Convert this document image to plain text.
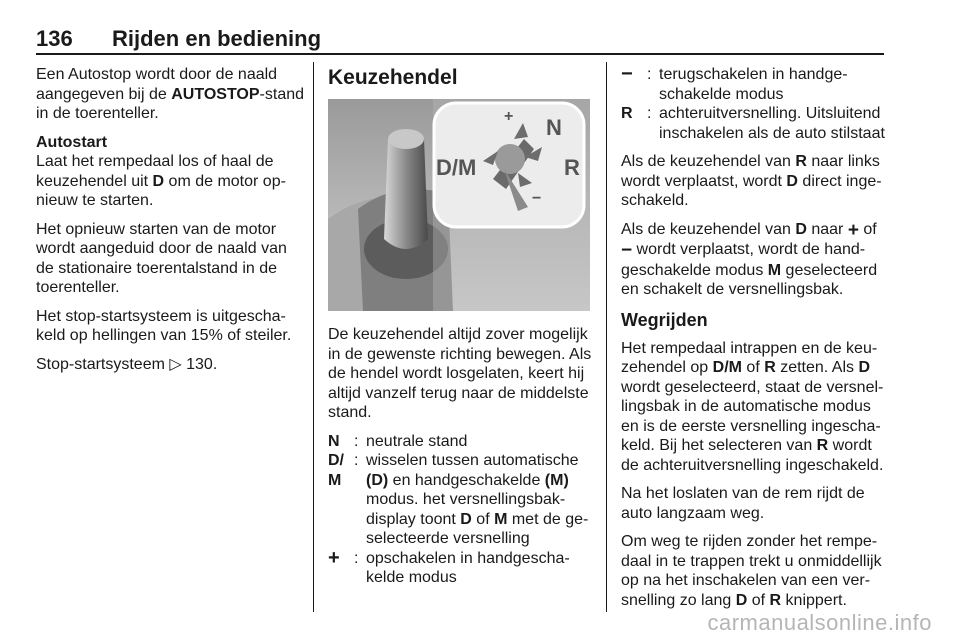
136 Rijden en bediening

Een Autostop wordt door de naald aangegeven bij de AUTOSTOP-stand in de toerenteller.

Autostart

Laat het rempedaal los of haal de keuzehendel uit D om de motor opnieuw te starten.

Het opnieuw starten van de motor wordt aangeduid door de naald van de stationaire toerentalstand in de toerenteller.

Het stop-startsysteem is uitgeschakeld op hellingen van 15% of steiler.

Stop-startsysteem ▷ 130.

Keuzehendel
D/M
N
R
+
−

De keuzehendel altijd zover mogelijk in de gewenste richting bewegen. Als de hendel wordt losgelaten, keert hij altijd vanzelf terug naar de middelste stand.

N : neutrale stand
D/ M
: wisselen tussen automatische (D) en handgeschakelde (M) modus. het versnellingsbakdisplay toont D of M met de geselecteerde versnelling
+ : opschakelen in handgeschakelde modus
− : terugschakelen in handgeschakelde modus
R : achteruitversnelling. Uitsluitend inschakelen als de auto stilstaat

Als de keuzehendel van R naar links wordt verplaatst, wordt D direct ingeschakeld.

Als de keuzehendel van D naar + of − wordt verplaatst, wordt de handgeschakelde modus M geselecteerd en schakelt de versnellingsbak.

Wegrijden

Het rempedaal intrappen en de keuzehendel op D/M of R zetten. Als D wordt geselecteerd, staat de versnellingsbak in de automatische modus en is de eerste versnelling ingeschakeld. Bij het selecteren van R wordt de achteruitversnelling ingeschakeld.

Na het loslaten van de rem rijdt de auto langzaam weg.

Om weg te rijden zonder het rempedaal in te trappen trekt u onmiddellijk op na het inschakelen van een versnelling zo lang D of R knippert.

carmanualsonline.info
